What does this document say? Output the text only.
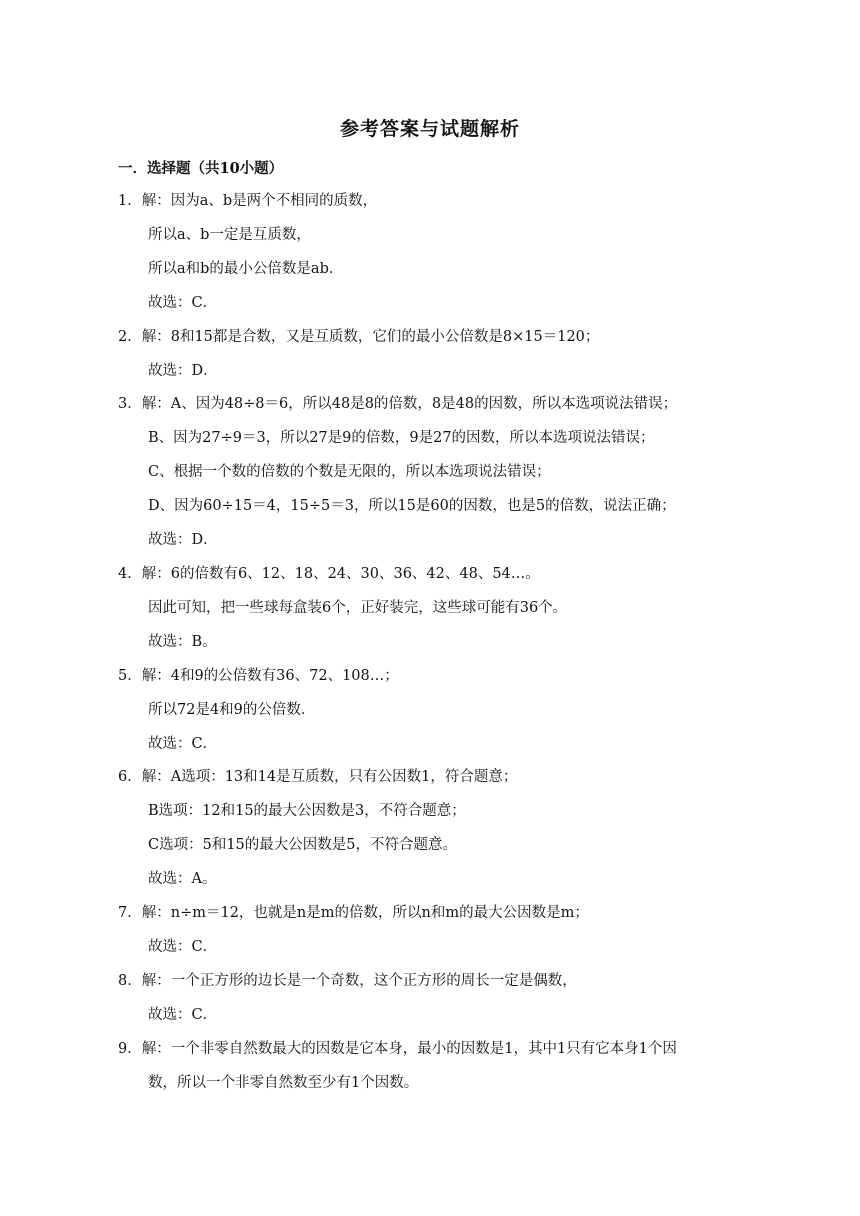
参考答案与试题解析
一．选择题（共10小题）
1．解：因为a、b是两个不相同的质数，
所以a、b一定是互质数，
所以a和b的最小公倍数是ab．
故选：C．
2．解：8和15都是合数，又是互质数，它们的最小公倍数是8×15＝120；
故选：D．
3．解：A、因为48÷8＝6，所以48是8的倍数，8是48的因数，所以本选项说法错误；
B、因为27÷9＝3，所以27是9的倍数，9是27的因数，所以本选项说法错误；
C、根据一个数的倍数的个数是无限的，所以本选项说法错误；
D、因为60÷15＝4，15÷5＝3，所以15是60的因数，也是5的倍数，说法正确；
故选：D．
4．解：6的倍数有6、12、18、24、30、36、42、48、54…。
因此可知，把一些球每盒装6个，正好装完，这些球可能有36个。
故选：B。
5．解：4和9的公倍数有36、72、108…；
所以72是4和9的公倍数．
故选：C．
6．解：A选项：13和14是互质数，只有公因数1，符合题意；
B选项：12和15的最大公因数是3，不符合题意；
C选项：5和15的最大公因数是5，不符合题意。
故选：A。
7．解：n÷m＝12，也就是n是m的倍数，所以n和m的最大公因数是m；
故选：C．
8．解：一个正方形的边长是一个奇数，这个正方形的周长一定是偶数，
故选：C．
9．解：一个非零自然数最大的因数是它本身，最小的因数是1，其中1只有它本身1个因
数，所以一个非零自然数至少有1个因数。
